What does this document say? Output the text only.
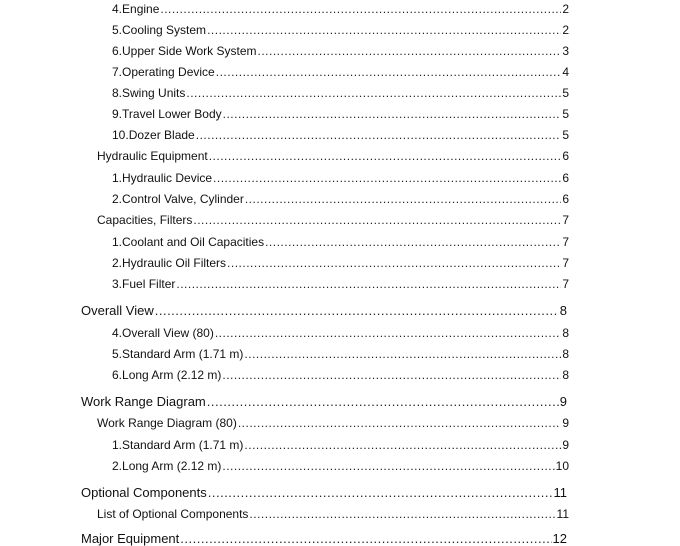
4. Engine .....	2
5. Cooling System .....	2
6. Upper Side Work System .....	3
7. Operating Device .....	4
8. Swing Units .....	5
9. Travel Lower Body .....	5
10. Dozer Blade .....	5
Hydraulic Equipment .....	6
1. Hydraulic Device .....	6
2. Control Valve, Cylinder .....	6
Capacities, Filters .....	7
1. Coolant and Oil Capacities .....	7
2. Hydraulic Oil Filters .....	7
3. Fuel Filter .....	7
Overall View .....	8
4. Overall View (80) .....	8
5. Standard Arm (1.71 m) .....	8
6. Long Arm (2.12 m) .....	8
Work Range Diagram .....	9
Work Range Diagram (80) .....	9
1. Standard Arm (1.71 m) .....	9
2. Long Arm (2.12 m) .....	10
Optional Components .....	11
List of Optional Components .....	11
Major Equipment .....	12
